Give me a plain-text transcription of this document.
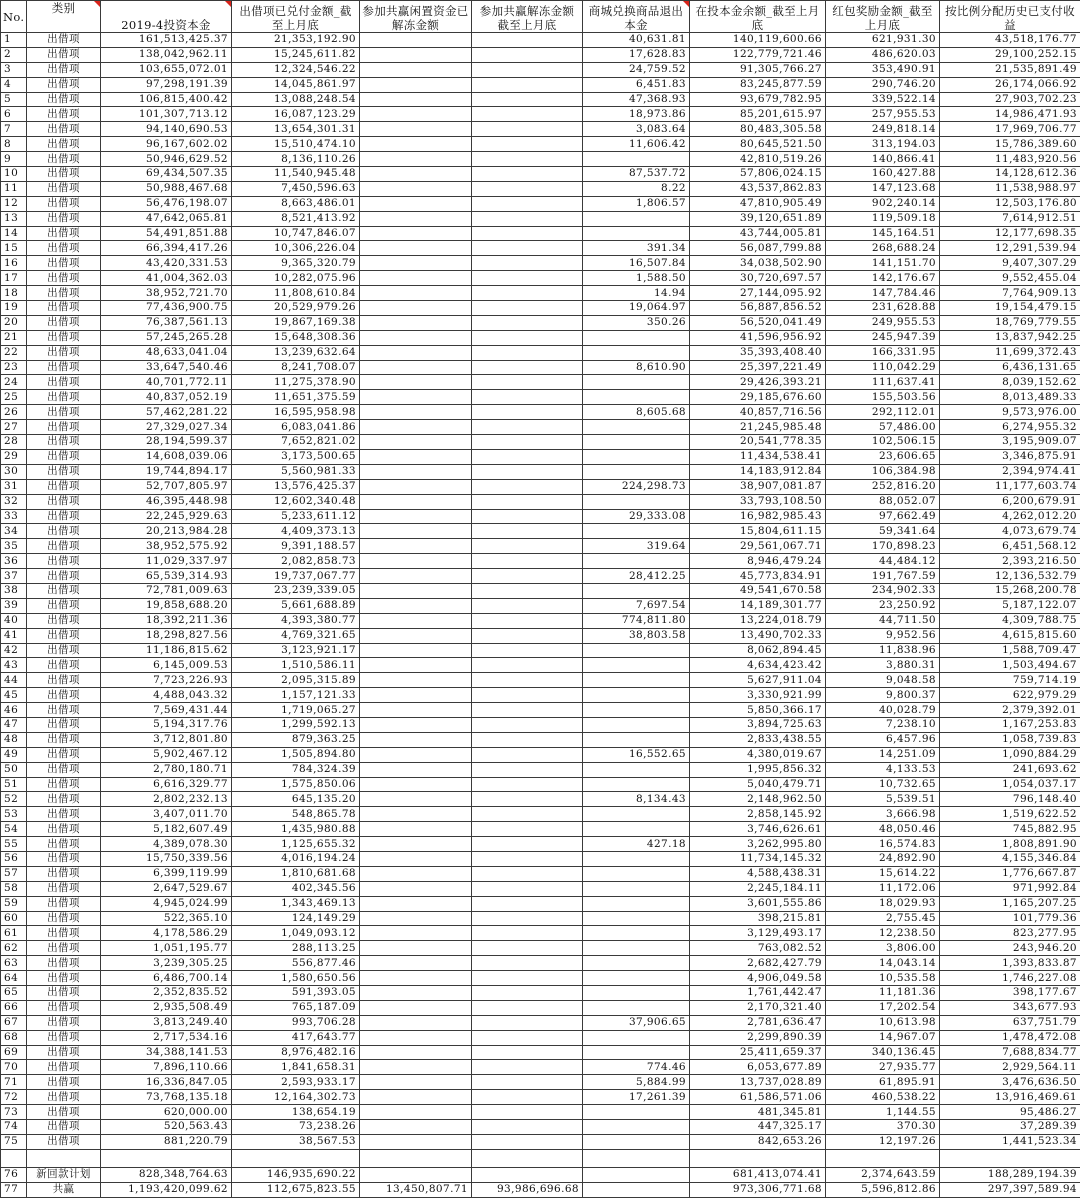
No.	类别	2019-4投资本金	出借项已兑付金额_截至上月底	参加共赢闲置资金已解冻金额	参加共赢解冻金额截至上月底	商城兑换商品退出本金	在投本金余额_截至上月底	红包奖励金额_截至上月底	按比例分配历史已支付收益
1	出借项	161,513,425.37	21,353,192.90			40,631.81	140,119,600.66	621,931.30	43,518,176.77
2	出借项	138,042,962.11	15,245,611.82			17,628.83	122,779,721.46	486,620.03	29,100,252.15
3	出借项	103,655,072.01	12,324,546.22			24,759.52	91,305,766.27	353,490.91	21,535,891.49
4	出借项	97,298,191.39	14,045,861.97			6,451.83	83,245,877.59	290,746.20	26,174,066.92
5	出借项	106,815,400.42	13,088,248.54			47,368.93	93,679,782.95	339,522.14	27,903,702.23
6	出借项	101,307,713.12	16,087,123.29			18,973.86	85,201,615.97	257,955.53	14,986,471.93
7	出借项	94,140,690.53	13,654,301.31			3,083.64	80,483,305.58	249,818.14	17,969,706.77
8	出借项	96,167,602.02	15,510,474.10			11,606.42	80,645,521.50	313,194.03	15,786,389.60
9	出借项	50,946,629.52	8,136,110.26				42,810,519.26	140,866.41	11,483,920.56
10	出借项	69,434,507.35	11,540,945.48			87,537.72	57,806,024.15	160,427.88	14,128,612.36
11	出借项	50,988,467.68	7,450,596.63			8.22	43,537,862.83	147,123.68	11,538,988.97
12	出借项	56,476,198.07	8,663,486.01			1,806.57	47,810,905.49	902,240.14	12,503,176.80
13	出借项	47,642,065.81	8,521,413.92				39,120,651.89	119,509.18	7,614,912.51
14	出借项	54,491,851.88	10,747,846.07				43,744,005.81	145,164.51	12,177,698.35
15	出借项	66,394,417.26	10,306,226.04			391.34	56,087,799.88	268,688.24	12,291,539.94
16	出借项	43,420,331.53	9,365,320.79			16,507.84	34,038,502.90	141,151.70	9,407,307.29
17	出借项	41,004,362.03	10,282,075.96			1,588.50	30,720,697.57	142,176.67	9,552,455.04
18	出借项	38,952,721.70	11,808,610.84			14.94	27,144,095.92	147,784.46	7,764,909.13
19	出借项	77,436,900.75	20,529,979.26			19,064.97	56,887,856.52	231,628.88	19,154,479.15
20	出借项	76,387,561.13	19,867,169.38			350.26	56,520,041.49	249,955.53	18,769,779.55
21	出借项	57,245,265.28	15,648,308.36				41,596,956.92	245,947.39	13,837,942.25
22	出借项	48,633,041.04	13,239,632.64				35,393,408.40	166,331.95	11,699,372.43
23	出借项	33,647,540.46	8,241,708.07			8,610.90	25,397,221.49	110,042.29	6,436,131.65
24	出借项	40,701,772.11	11,275,378.90				29,426,393.21	111,637.41	8,039,152.62
25	出借项	40,837,052.19	11,651,375.59				29,185,676.60	155,503.56	8,013,489.33
26	出借项	57,462,281.22	16,595,958.98			8,605.68	40,857,716.56	292,112.01	9,573,976.00
27	出借项	27,329,027.34	6,083,041.86				21,245,985.48	57,486.00	6,274,955.32
28	出借项	28,194,599.37	7,652,821.02				20,541,778.35	102,506.15	3,195,909.07
29	出借项	14,608,039.06	3,173,500.65				11,434,538.41	23,606.65	3,346,875.91
30	出借项	19,744,894.17	5,560,981.33				14,183,912.84	106,384.98	2,394,974.41
31	出借项	52,707,805.97	13,576,425.37			224,298.73	38,907,081.87	252,816.20	11,177,603.74
32	出借项	46,395,448.98	12,602,340.48				33,793,108.50	88,052.07	6,200,679.91
33	出借项	22,245,929.63	5,233,611.12			29,333.08	16,982,985.43	97,662.49	4,262,012.20
34	出借项	20,213,984.28	4,409,373.13				15,804,611.15	59,341.64	4,073,679.74
35	出借项	38,952,575.92	9,391,188.57			319.64	29,561,067.71	170,898.23	6,451,568.12
36	出借项	11,029,337.97	2,082,858.73				8,946,479.24	44,484.12	2,393,216.50
37	出借项	65,539,314.93	19,737,067.77			28,412.25	45,773,834.91	191,767.59	12,136,532.79
38	出借项	72,781,009.63	23,239,339.05				49,541,670.58	234,902.33	15,268,200.78
39	出借项	19,858,688.20	5,661,688.89			7,697.54	14,189,301.77	23,250.92	5,187,122.07
40	出借项	18,392,211.36	4,393,380.77			774,811.80	13,224,018.79	44,711.50	4,309,788.75
41	出借项	18,298,827.56	4,769,321.65			38,803.58	13,490,702.33	9,952.56	4,615,815.60
42	出借项	11,186,815.62	3,123,921.17				8,062,894.45	11,838.96	1,588,709.47
43	出借项	6,145,009.53	1,510,586.11				4,634,423.42	3,880.31	1,503,494.67
44	出借项	7,723,226.93	2,095,315.89				5,627,911.04	9,048.58	759,714.19
45	出借项	4,488,043.32	1,157,121.33				3,330,921.99	9,800.37	622,979.29
46	出借项	7,569,431.44	1,719,065.27				5,850,366.17	40,028.79	2,379,392.01
47	出借项	5,194,317.76	1,299,592.13				3,894,725.63	7,238.10	1,167,253.83
48	出借项	3,712,801.80	879,363.25				2,833,438.55	6,457.96	1,058,739.83
49	出借项	5,902,467.12	1,505,894.80			16,552.65	4,380,019.67	14,251.09	1,090,884.29
50	出借项	2,780,180.71	784,324.39				1,995,856.32	4,133.53	241,693.62
51	出借项	6,616,329.77	1,575,850.06				5,040,479.71	10,732.65	1,054,037.17
52	出借项	2,802,232.13	645,135.20			8,134.43	2,148,962.50	5,539.51	796,148.40
53	出借项	3,407,011.70	548,865.78				2,858,145.92	3,666.98	1,519,622.52
54	出借项	5,182,607.49	1,435,980.88				3,746,626.61	48,050.46	745,882.95
55	出借项	4,389,078.30	1,125,655.32			427.18	3,262,995.80	16,574.83	1,808,891.90
56	出借项	15,750,339.56	4,016,194.24				11,734,145.32	24,892.90	4,155,346.84
57	出借项	6,399,119.99	1,810,681.68				4,588,438.31	15,614.22	1,776,667.87
58	出借项	2,647,529.67	402,345.56				2,245,184.11	11,172.06	971,992.84
59	出借项	4,945,024.99	1,343,469.13				3,601,555.86	18,029.93	1,165,207.25
60	出借项	522,365.10	124,149.29				398,215.81	2,755.45	101,779.36
61	出借项	4,178,586.29	1,049,093.12				3,129,493.17	12,238.50	823,277.95
62	出借项	1,051,195.77	288,113.25				763,082.52	3,806.00	243,946.20
63	出借项	3,239,305.25	556,877.46				2,682,427.79	14,043.14	1,393,833.87
64	出借项	6,486,700.14	1,580,650.56				4,906,049.58	10,535.58	1,746,227.08
65	出借项	2,352,835.52	591,393.05				1,761,442.47	11,181.36	398,177.67
66	出借项	2,935,508.49	765,187.09				2,170,321.40	17,202.54	343,677.93
67	出借项	3,813,249.40	993,706.28			37,906.65	2,781,636.47	10,613.98	637,751.79
68	出借项	2,717,534.16	417,643.77				2,299,890.39	14,967.07	1,478,472.08
69	出借项	34,388,141.53	8,976,482.16				25,411,659.37	340,136.45	7,688,834.77
70	出借项	7,896,110.66	1,841,658.31			774.46	6,053,677.89	27,935.77	2,929,564.11
71	出借项	16,336,847.05	2,593,933.17			5,884.99	13,737,028.89	61,895.91	3,476,636.50
72	出借项	73,768,135.18	12,164,302.73			17,261.39	61,586,571.06	460,538.22	13,916,469.61
73	出借项	620,000.00	138,654.19				481,345.81	1,144.55	95,486.27
74	出借项	520,563.43	73,238.26				447,325.17	370.30	37,289.39
75	出借项	881,220.79	38,567.53				842,653.26	12,197.26	1,441,523.34

76	新回款计划	828,348,764.63	146,935,690.22				681,413,074.41	2,374,643.59	188,289,194.39
77	共赢	1,193,420,099.62	112,675,823.55	13,450,807.71	93,986,696.68		973,306,771.68	5,596,812.86	297,397,589.94
